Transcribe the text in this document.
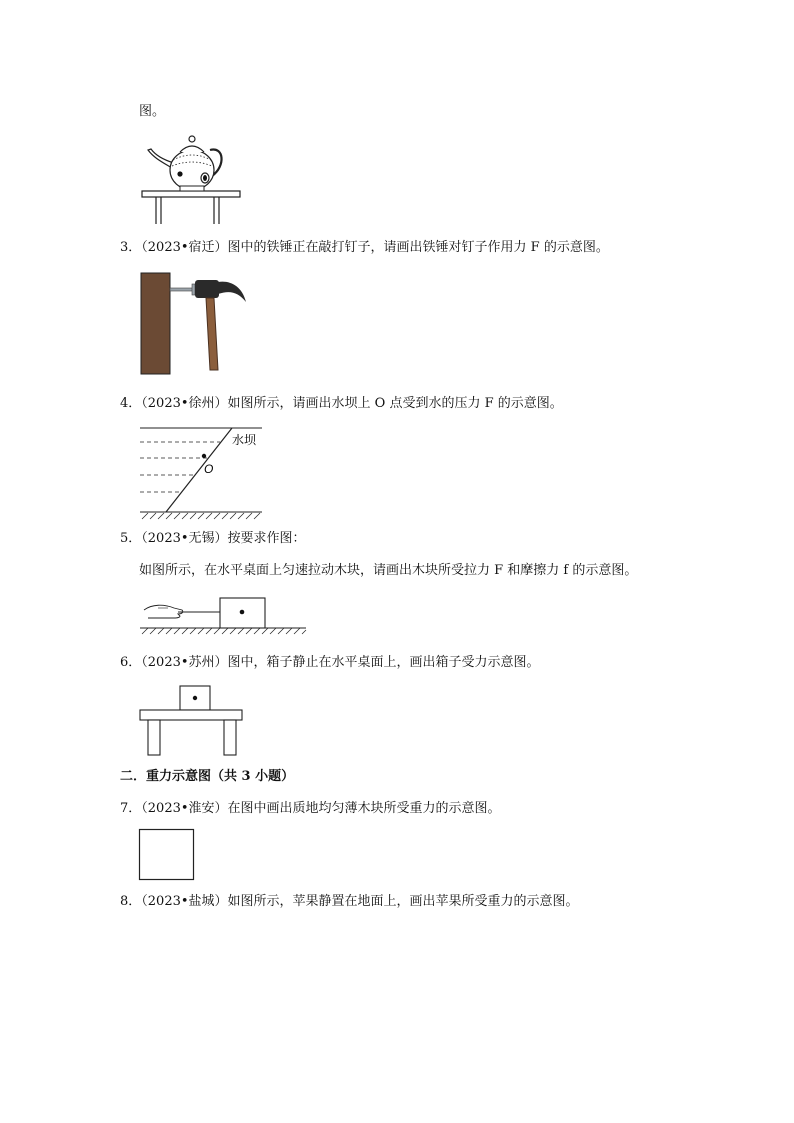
图。
3．（2023•宿迁）图中的铁锤正在敲打钉子，请画出铁锤对钉子作用力 F 的示意图。
4．（2023•徐州）如图所示，请画出水坝上 O 点受到水的压力 F 的示意图。
O
水坝
5．（2023•无锡）按要求作图：
如图所示，在水平桌面上匀速拉动木块，请画出木块所受拉力 F 和摩擦力 f 的示意图。
6．（2023•苏州）图中，箱子静止在水平桌面上，画出箱子受力示意图。
二．重力示意图（共 3 小题）
7．（2023•淮安）在图中画出质地均匀薄木块所受重力的示意图。
8．（2023•盐城）如图所示，苹果静置在地面上，画出苹果所受重力的示意图。
